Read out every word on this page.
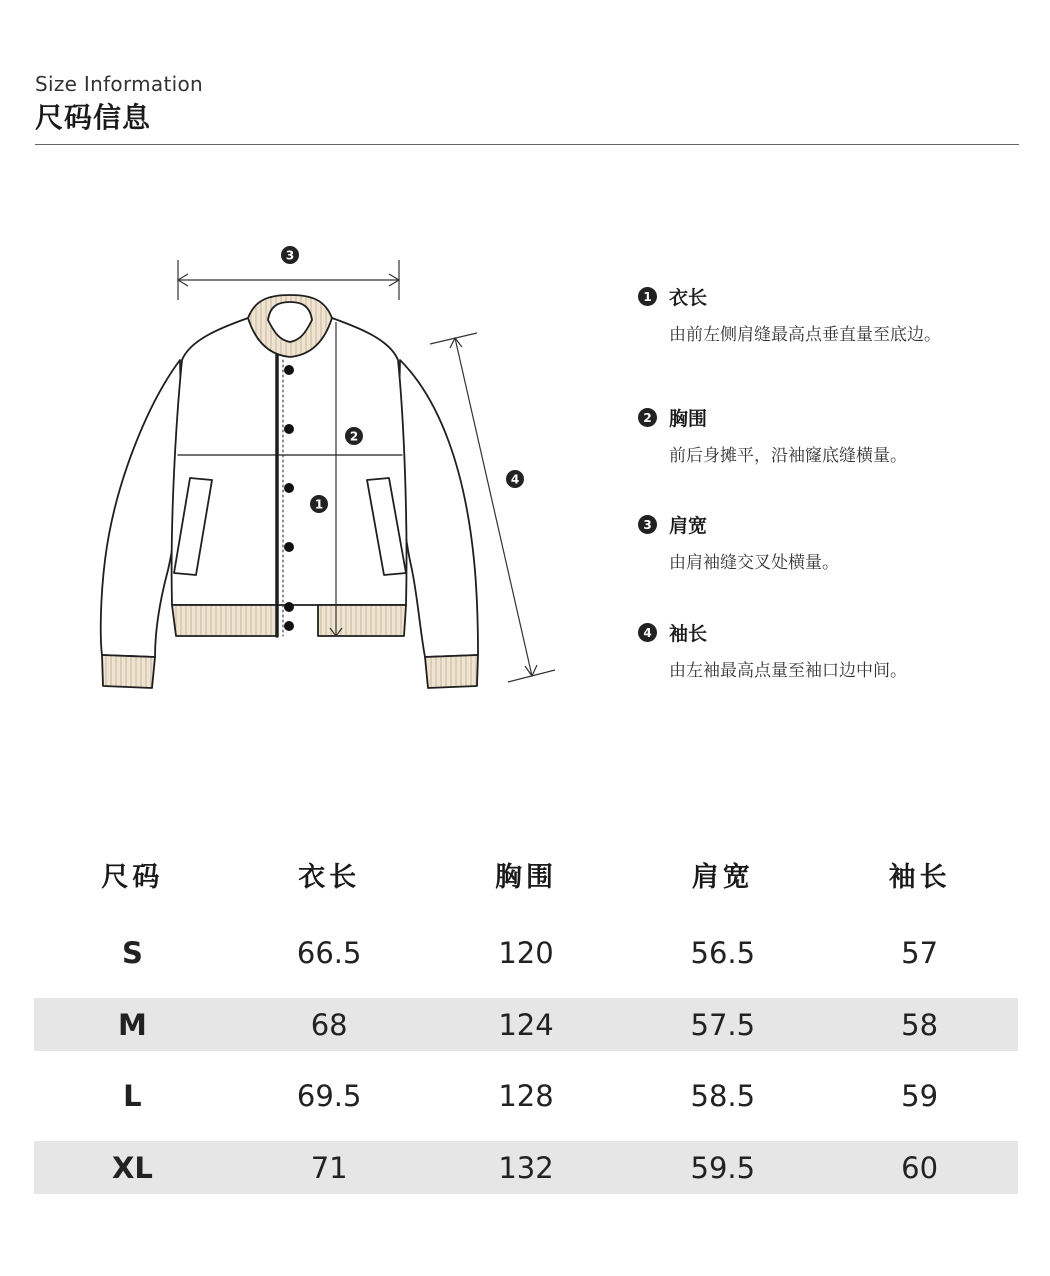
Size Information
尺码信息
1
2
3
4
1 衣长
由前左侧肩缝最高点垂直量至底边。
2 胸围
前后身摊平，沿袖窿底缝横量。
3 肩宽
由肩袖缝交叉处横量。
4 袖长
由左袖最高点量至袖口边中间。
尺码	衣长	胸围	肩宽	袖长
S	66.5	120	56.5	57
M	68	124	57.5	58
L	69.5	128	58.5	59
XL	71	132	59.5	60
